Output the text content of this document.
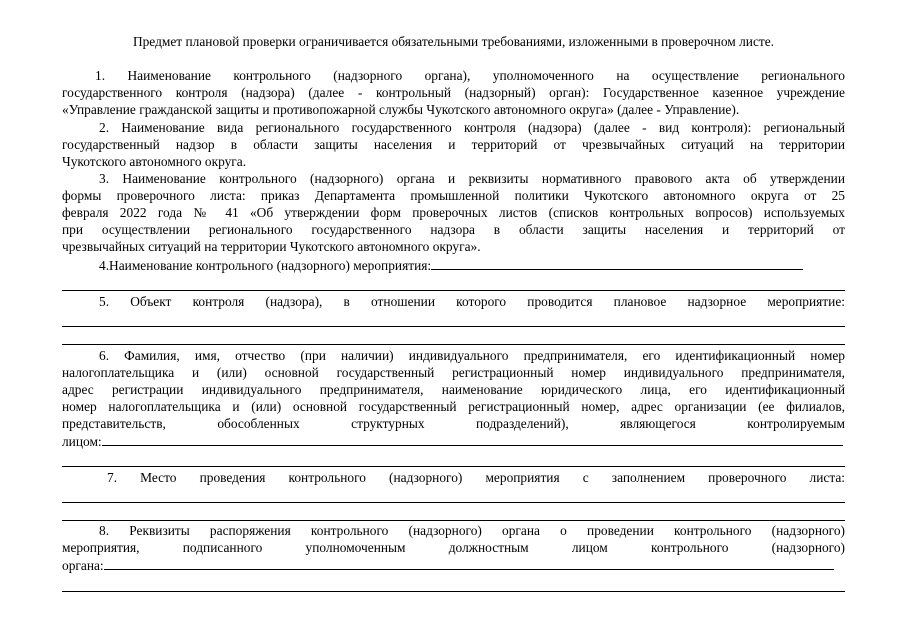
Предмет плановой проверки ограничивается обязательными требованиями, изложенными в проверочном листе.
1. Наименование контрольного (надзорного органа), уполномоченного на осуществление регионального
государственного контроля (надзора) (далее - контрольный (надзорный) орган): Государственное казенное учреждение
«Управление гражданской защиты и противопожарной службы Чукотского автономного округа» (далее - Управление).
2. Наименование вида регионального государственного контроля (надзора) (далее - вид контроля): региональный
государственный надзор в области защиты населения и территорий от чрезвычайных ситуаций на территории
Чукотского автономного округа.
3. Наименование контрольного (надзорного) органа и реквизиты нормативного правового акта об утверждении
формы проверочного листа: приказ Департамента промышленной политики Чукотского автономного округа от 25
февраля 2022 года № 41 «Об утверждении форм проверочных листов (списков контрольных вопросов) используемых
при осуществлении регионального государственного надзора в области защиты населения и территорий от
чрезвычайных ситуаций на территории Чукотского автономного округа».
4.Наименование контрольного (надзорного) мероприятия:
5. Объект контроля (надзора), в отношении которого проводится плановое надзорное мероприятие:
6. Фамилия, имя, отчество (при наличии) индивидуального предпринимателя, его идентификационный номер
налогоплательщика и (или) основной государственный регистрационный номер индивидуального предпринимателя,
адрес регистрации индивидуального предпринимателя, наименование юридического лица, его идентификационный
номер налогоплательщика и (или) основной государственный регистрационный номер, адрес организации (ее филиалов,
представительств, обособленных структурных подразделений), являющегося контролируемым
лицом:
7. Место проведения контрольного (надзорного) мероприятия с заполнением проверочного листа:
8. Реквизиты распоряжения контрольного (надзорного) органа о проведении контрольного (надзорного)
мероприятия, подписанного уполномоченным должностным лицом контрольного (надзорного)
органа:
